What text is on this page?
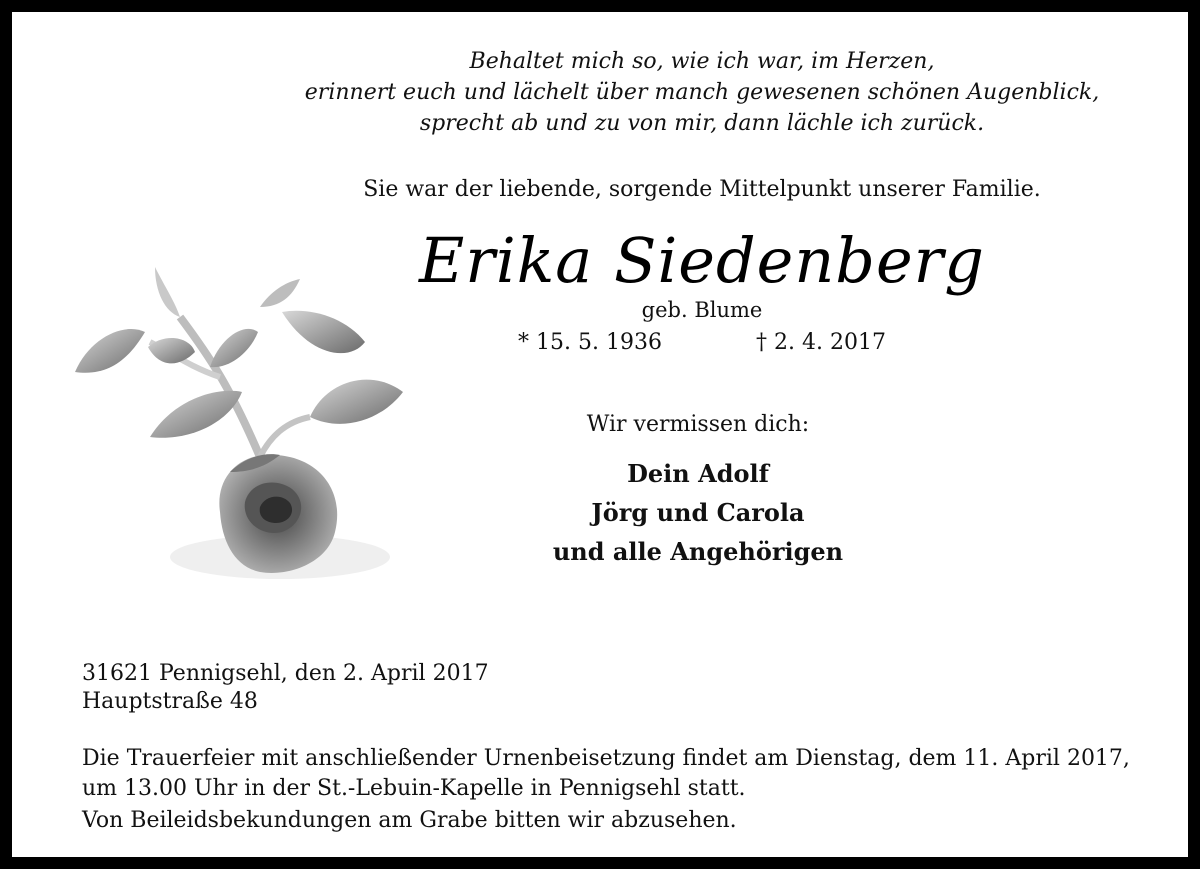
Behaltet mich so, wie ich war, im Herzen,
erinnert euch und lächelt über manch gewesenen schönen Augenblick,
sprecht ab und zu von mir, dann lächle ich zurück.
Sie war der liebende, sorgende Mittelpunkt unserer Familie.
Erika Siedenberg
geb. Blume
* 15. 5. 1936	† 2. 4. 2017
Wir vermissen dich:
Dein Adolf
Jörg und Carola
und alle Angehörigen
31621 Pennigsehl, den 2. April 2017
Hauptstraße 48
Die Trauerfeier mit anschließender Urnenbeisetzung findet am Dienstag, dem 11. April 2017,
um 13.00 Uhr in der St.-Lebuin-Kapelle in Pennigsehl statt.
Von Beileidsbekundungen am Grabe bitten wir abzusehen.
